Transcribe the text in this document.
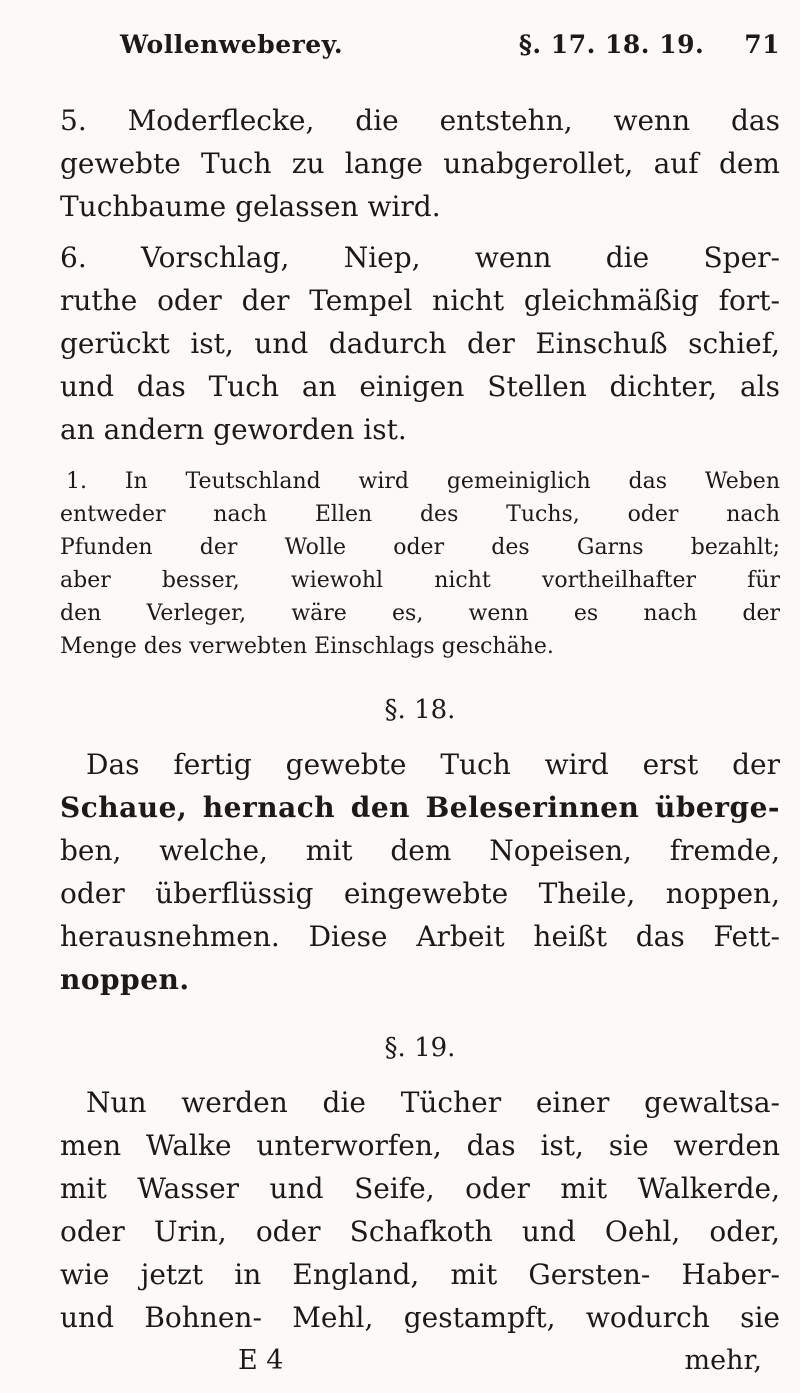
Wollenweberey.	§. 17. 18. 19. 71
5. Moderflecke, die entstehn, wenn das
gewebte Tuch zu lange unabgerollet, auf dem
Tuchbaume gelassen wird.
6. Vorschlag, Niep, wenn die Sper-
ruthe oder der Tempel nicht gleichmäßig fort-
gerückt ist, und dadurch der Einschuß schief,
und das Tuch an einigen Stellen dichter, als
an andern geworden ist.
1. In Teutschland wird gemeiniglich das Weben
entweder nach Ellen des Tuchs, oder nach
Pfunden der Wolle oder des Garns bezahlt;
aber besser, wiewohl nicht vortheilhafter für
den Verleger, wäre es, wenn es nach der
Menge des verwebten Einschlags geschähe.
§. 18.
Das fertig gewebte Tuch wird erst der
Schaue, hernach den Beleserinnen überge-
ben, welche, mit dem Nopeisen, fremde,
oder überflüssig eingewebte Theile, noppen,
herausnehmen. Diese Arbeit heißt das Fett-
noppen.
§. 19.
Nun werden die Tücher einer gewaltsa-
men Walke unterworfen, das ist, sie werden
mit Wasser und Seife, oder mit Walkerde,
oder Urin, oder Schafkoth und Oehl, oder,
wie jetzt in England, mit Gersten- Haber-
und Bohnen- Mehl, gestampft, wodurch sie
E 4	mehr,
